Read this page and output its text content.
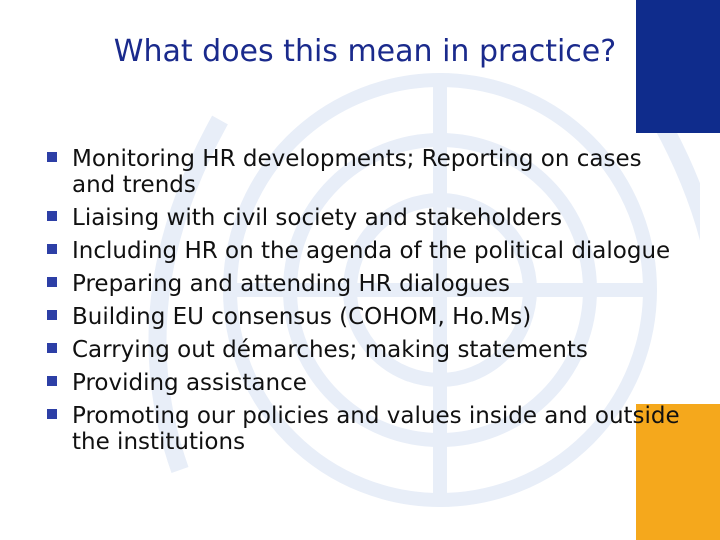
What does this mean in practice?
Monitoring HR developments; Reporting on cases and trends
Liaising with civil society and stakeholders
Including HR on the agenda of the political dialogue
Preparing and attending HR dialogues
Building EU consensus (COHOM, Ho.Ms)
Carrying out démarches; making statements
Providing assistance
Promoting our policies and values inside and outside the institutions
